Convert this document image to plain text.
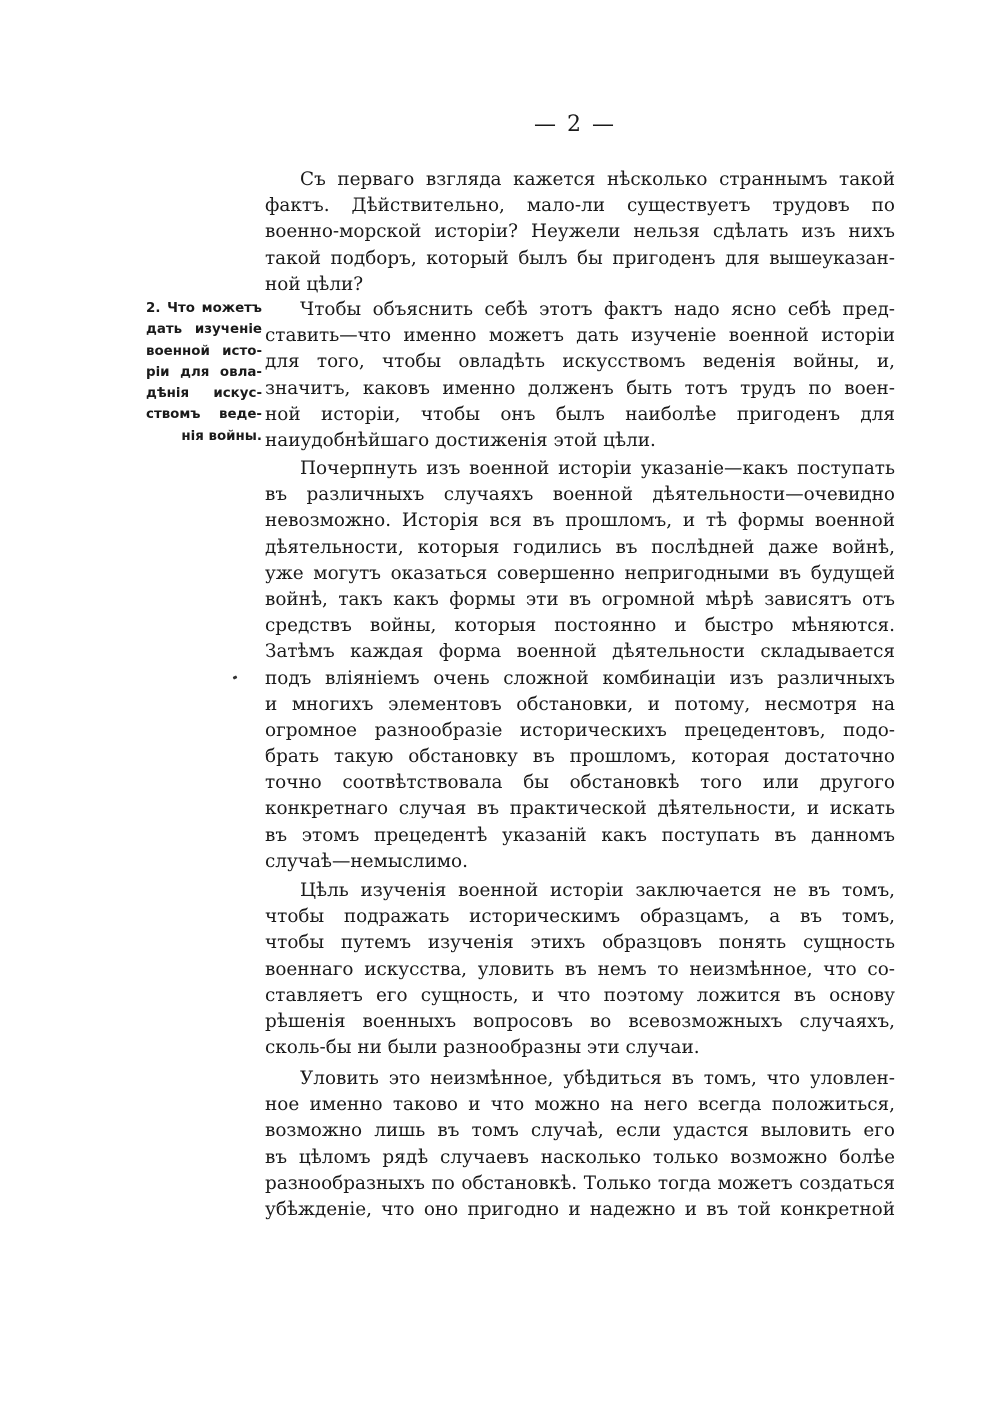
— 2 —
2. Что можетъ
дать изученіе
военной исто-
ріи для овла-
дѣнія искус-
ствомъ веде-
нія войны.
Съ перваго взгляда кажется нѣсколько страннымъ такой
фактъ. Дѣйствительно, мало-ли существуетъ трудовъ по
военно-морской исторіи? Неужели нельзя сдѣлать изъ нихъ
такой подборъ, который былъ бы пригоденъ для вышеуказан-
ной цѣли?
Чтобы объяснить себѣ этотъ фактъ надо ясно себѣ пред-
ставить—что именно можетъ дать изученіе военной исторіи
для того, чтобы овладѣть искусствомъ веденія войны, и,
значитъ, каковъ именно долженъ быть тотъ трудъ по воен-
ной исторіи, чтобы онъ былъ наиболѣе пригоденъ для
наиудобнѣйшаго достиженія этой цѣли.
Почерпнуть изъ военной исторіи указаніе—какъ поступать
въ различныхъ случаяхъ военной дѣятельности—очевидно
невозможно. Исторія вся въ прошломъ, и тѣ формы военной
дѣятельности, которыя годились въ послѣдней даже войнѣ,
уже могутъ оказаться совершенно непригодными въ будущей
войнѣ, такъ какъ формы эти въ огромной мѣрѣ зависятъ отъ
средствъ войны, которыя постоянно и быстро мѣняются.
Затѣмъ каждая форма военной дѣятельности складывается
подъ вліяніемъ очень сложной комбинаціи изъ различныхъ
и многихъ элементовъ обстановки, и потому, несмотря на
огромное разнообразіе историческихъ прецедентовъ, подо-
брать такую обстановку въ прошломъ, которая достаточно
точно соотвѣтствовала бы обстановкѣ того или другого
конкретнаго случая въ практической дѣятельности, и искать
въ этомъ прецедентѣ указаній какъ поступать въ данномъ
случаѣ—немыслимо.
Цѣль изученія военной исторіи заключается не въ томъ,
чтобы подражать историческимъ образцамъ, а въ томъ,
чтобы путемъ изученія этихъ образцовъ понять сущность
военнаго искусства, уловить въ немъ то неизмѣнное, что со-
ставляетъ его сущность, и что поэтому ложится въ основу
рѣшенія военныхъ вопросовъ во всевозможныхъ случаяхъ,
сколь-бы ни были разнообразны эти случаи.
Уловить это неизмѣнное, убѣдиться въ томъ, что уловлен-
ное именно таково и что можно на него всегда положиться,
возможно лишь въ томъ случаѣ, если удастся выловить его
въ цѣломъ рядѣ случаевъ насколько только возможно болѣе
разнообразныхъ по обстановкѣ. Только тогда можетъ создаться
убѣжденіе, что оно пригодно и надежно и въ той конкретной
